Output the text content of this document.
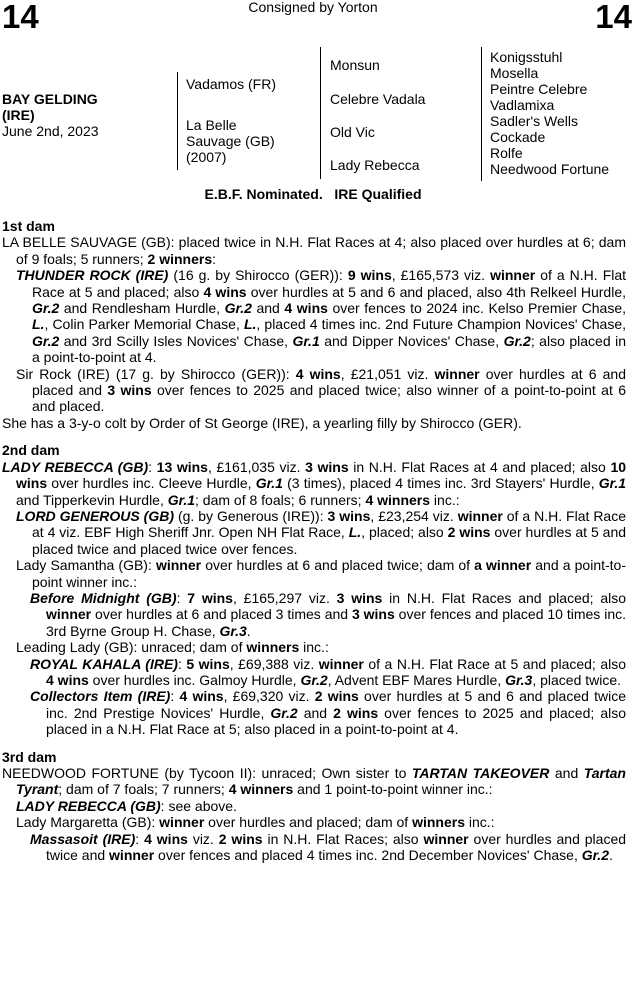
14	Consigned by Yorton	14
BAY GELDING
(IRE)
June 2nd, 2023
Vadamos (FR)
La Belle
Sauvage (GB)
(2007)
Monsun
Celebre Vadala
Old Vic
Lady Rebecca
Konigsstuhl
Mosella
Peintre Celebre
Vadlamixa
Sadler's Wells
Cockade
Rolfe
Needwood Fortune
E.B.F. Nominated.   IRE Qualified
1st dam

LA BELLE SAUVAGE (GB): placed twice in N.H. Flat Races at 4; also placed over hurdles at 6; dam of 9 foals; 5 runners; 2 winners:

THUNDER ROCK (IRE) (16 g. by Shirocco (GER)): 9 wins, £165,573 viz. winner of a N.H. Flat Race at 5 and placed; also 4 wins over hurdles at 5 and 6 and placed, also 4th Relkeel Hurdle, Gr.2 and Rendlesham Hurdle, Gr.2 and 4 wins over fences to 2024 inc. Kelso Premier Chase, L., Colin Parker Memorial Chase, L., placed 4 times inc. 2nd Future Champion Novices' Chase, Gr.2 and 3rd Scilly Isles Novices' Chase, Gr.1 and Dipper Novices' Chase, Gr.2; also placed in a point-to-point at 4.

Sir Rock (IRE) (17 g. by Shirocco (GER)): 4 wins, £21,051 viz. winner over hurdles at 6 and placed and 3 wins over fences to 2025 and placed twice; also winner of a point-to-point at 6 and placed.

She has a 3-y-o colt by Order of St George (IRE), a yearling filly by Shirocco (GER).

2nd dam

LADY REBECCA (GB): 13 wins, £161,035 viz. 3 wins in N.H. Flat Races at 4 and placed; also 10 wins over hurdles inc. Cleeve Hurdle, Gr.1 (3 times), placed 4 times inc. 3rd Stayers' Hurdle, Gr.1 and Tipperkevin Hurdle, Gr.1; dam of 8 foals; 6 runners; 4 winners inc.:

LORD GENEROUS (GB) (g. by Generous (IRE)): 3 wins, £23,254 viz. winner of a N.H. Flat Race at 4 viz. EBF High Sheriff Jnr. Open NH Flat Race, L., placed; also 2 wins over hurdles at 5 and placed twice and placed twice over fences.

Lady Samantha (GB): winner over hurdles at 6 and placed twice; dam of a winner and a point-to-point winner inc.:

Before Midnight (GB): 7 wins, £165,297 viz. 3 wins in N.H. Flat Races and placed; also winner over hurdles at 6 and placed 3 times and 3 wins over fences and placed 10 times inc. 3rd Byrne Group H. Chase, Gr.3.

Leading Lady (GB): unraced; dam of winners inc.:

ROYAL KAHALA (IRE): 5 wins, £69,388 viz. winner of a N.H. Flat Race at 5 and placed; also 4 wins over hurdles inc. Galmoy Hurdle, Gr.2, Advent EBF Mares Hurdle, Gr.3, placed twice.

Collectors Item (IRE): 4 wins, £69,320 viz. 2 wins over hurdles at 5 and 6 and placed twice inc. 2nd Prestige Novices' Hurdle, Gr.2 and 2 wins over fences to 2025 and placed; also placed in a N.H. Flat Race at 5; also placed in a point-to-point at 4.

3rd dam

NEEDWOOD FORTUNE (by Tycoon II): unraced; Own sister to TARTAN TAKEOVER and Tartan Tyrant; dam of 7 foals; 7 runners; 4 winners and 1 point-to-point winner inc.:

LADY REBECCA (GB): see above.

Lady Margaretta (GB): winner over hurdles and placed; dam of winners inc.:

Massasoit (IRE): 4 wins viz. 2 wins in N.H. Flat Races; also winner over hurdles and placed twice and winner over fences and placed 4 times inc. 2nd December Novices' Chase, Gr.2.
